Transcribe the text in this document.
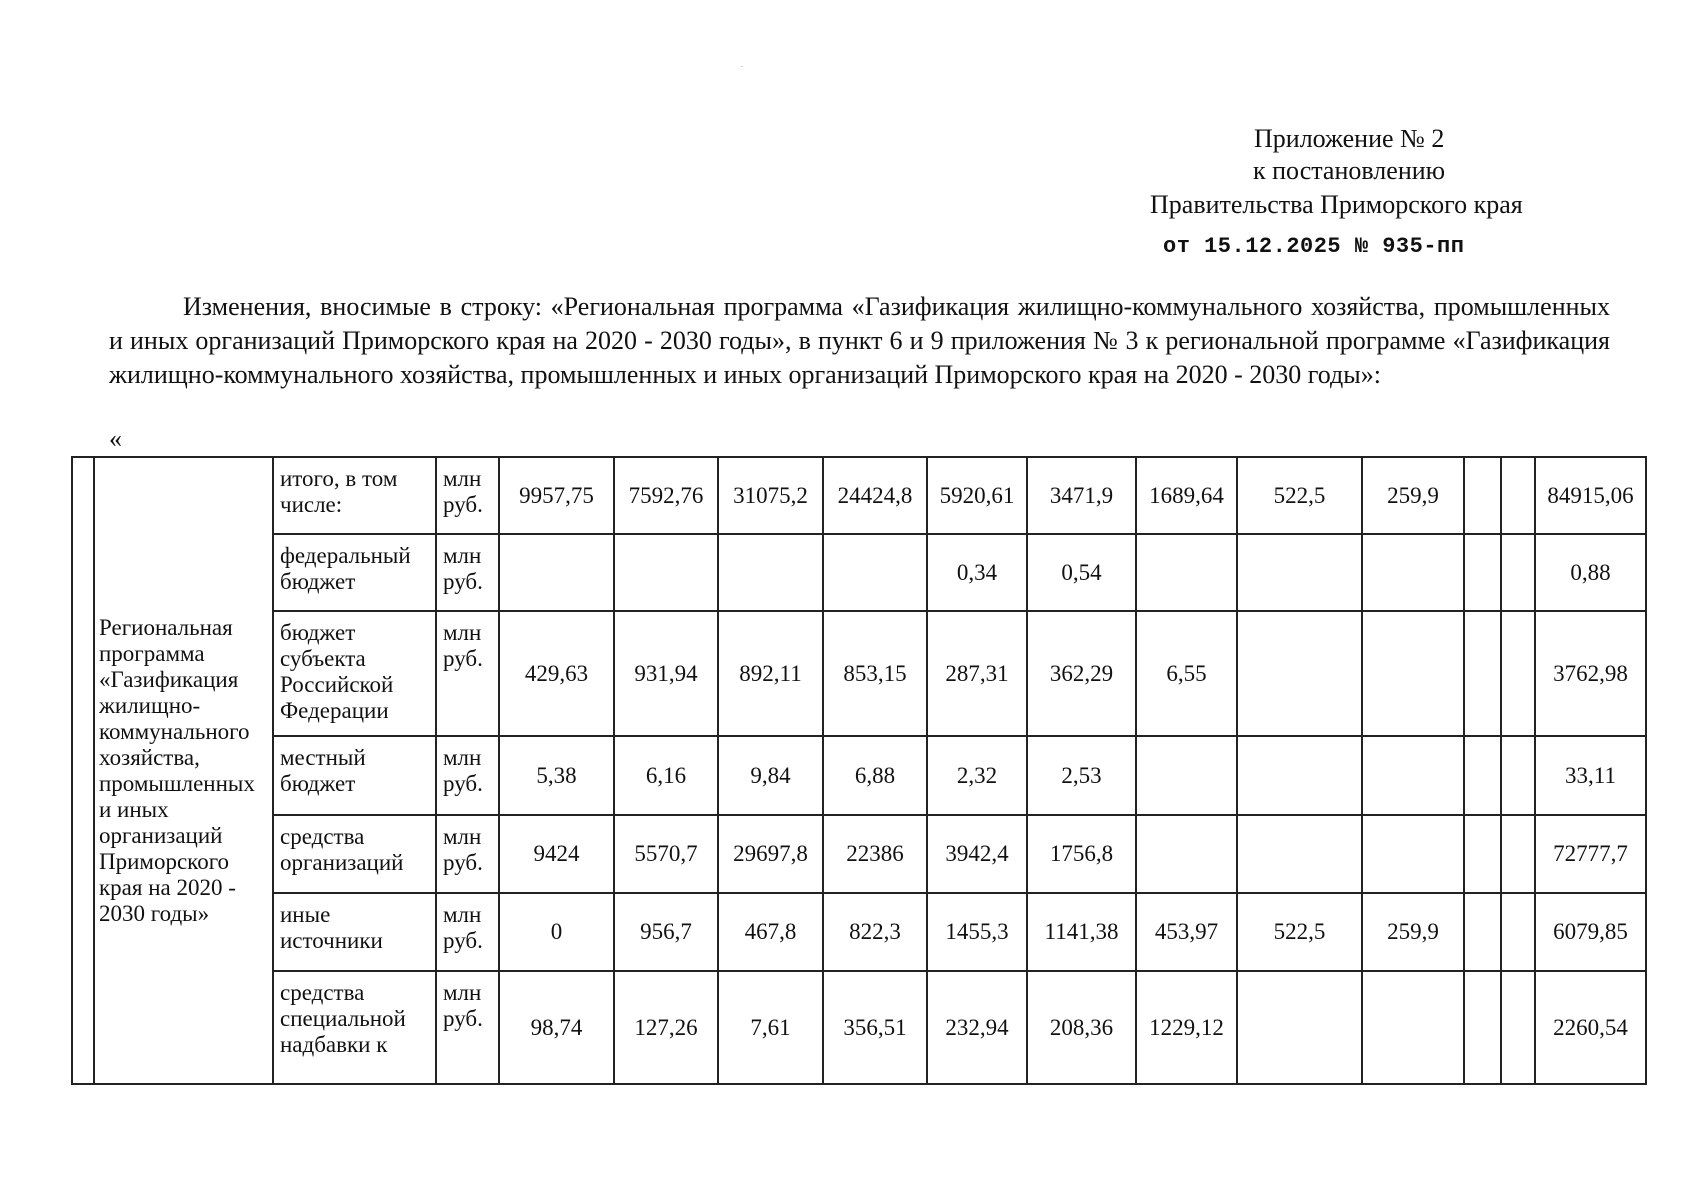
Приложение № 2
к постановлению
Правительства Приморского края
от 15.12.2025 № 935-пп

Изменения, вносимые в строку: «Региональная программа «Газификация жилищно-коммунального хозяйства, промышленных и иных организаций Приморского края на 2020 - 2030 годы», в пункт 6 и 9 приложения № 3 к региональной программе «Газификация жилищно-коммунального хозяйства, промышленных и иных организаций Приморского края на 2020 - 2030 годы»:

«
	Региональная программа «Газификация жилищно-коммунального хозяйства, промышленных и иных организаций Приморского края на 2020 - 2030 годы»	итого, в том числе:	млн руб.	9957,75	7592,76	31075,2	24424,8	5920,61	3471,9	1689,64	522,5	259,9			84915,06
		федеральный бюджет	млн руб.					0,34	0,54						0,88
		бюджет субъекта Российской Федерации	млн руб.	429,63	931,94	892,11	853,15	287,31	362,29	6,55					3762,98
		местный бюджет	млн руб.	5,38	6,16	9,84	6,88	2,32	2,53						33,11
		средства организаций	млн руб.	9424	5570,7	29697,8	22386	3942,4	1756,8						72777,7
		иные источники	млн руб.	0	956,7	467,8	822,3	1455,3	1141,38	453,97	522,5	259,9			6079,85
		средства специальной надбавки к	млн руб.	98,74	127,26	7,61	356,51	232,94	208,36	1229,12					2260,54
